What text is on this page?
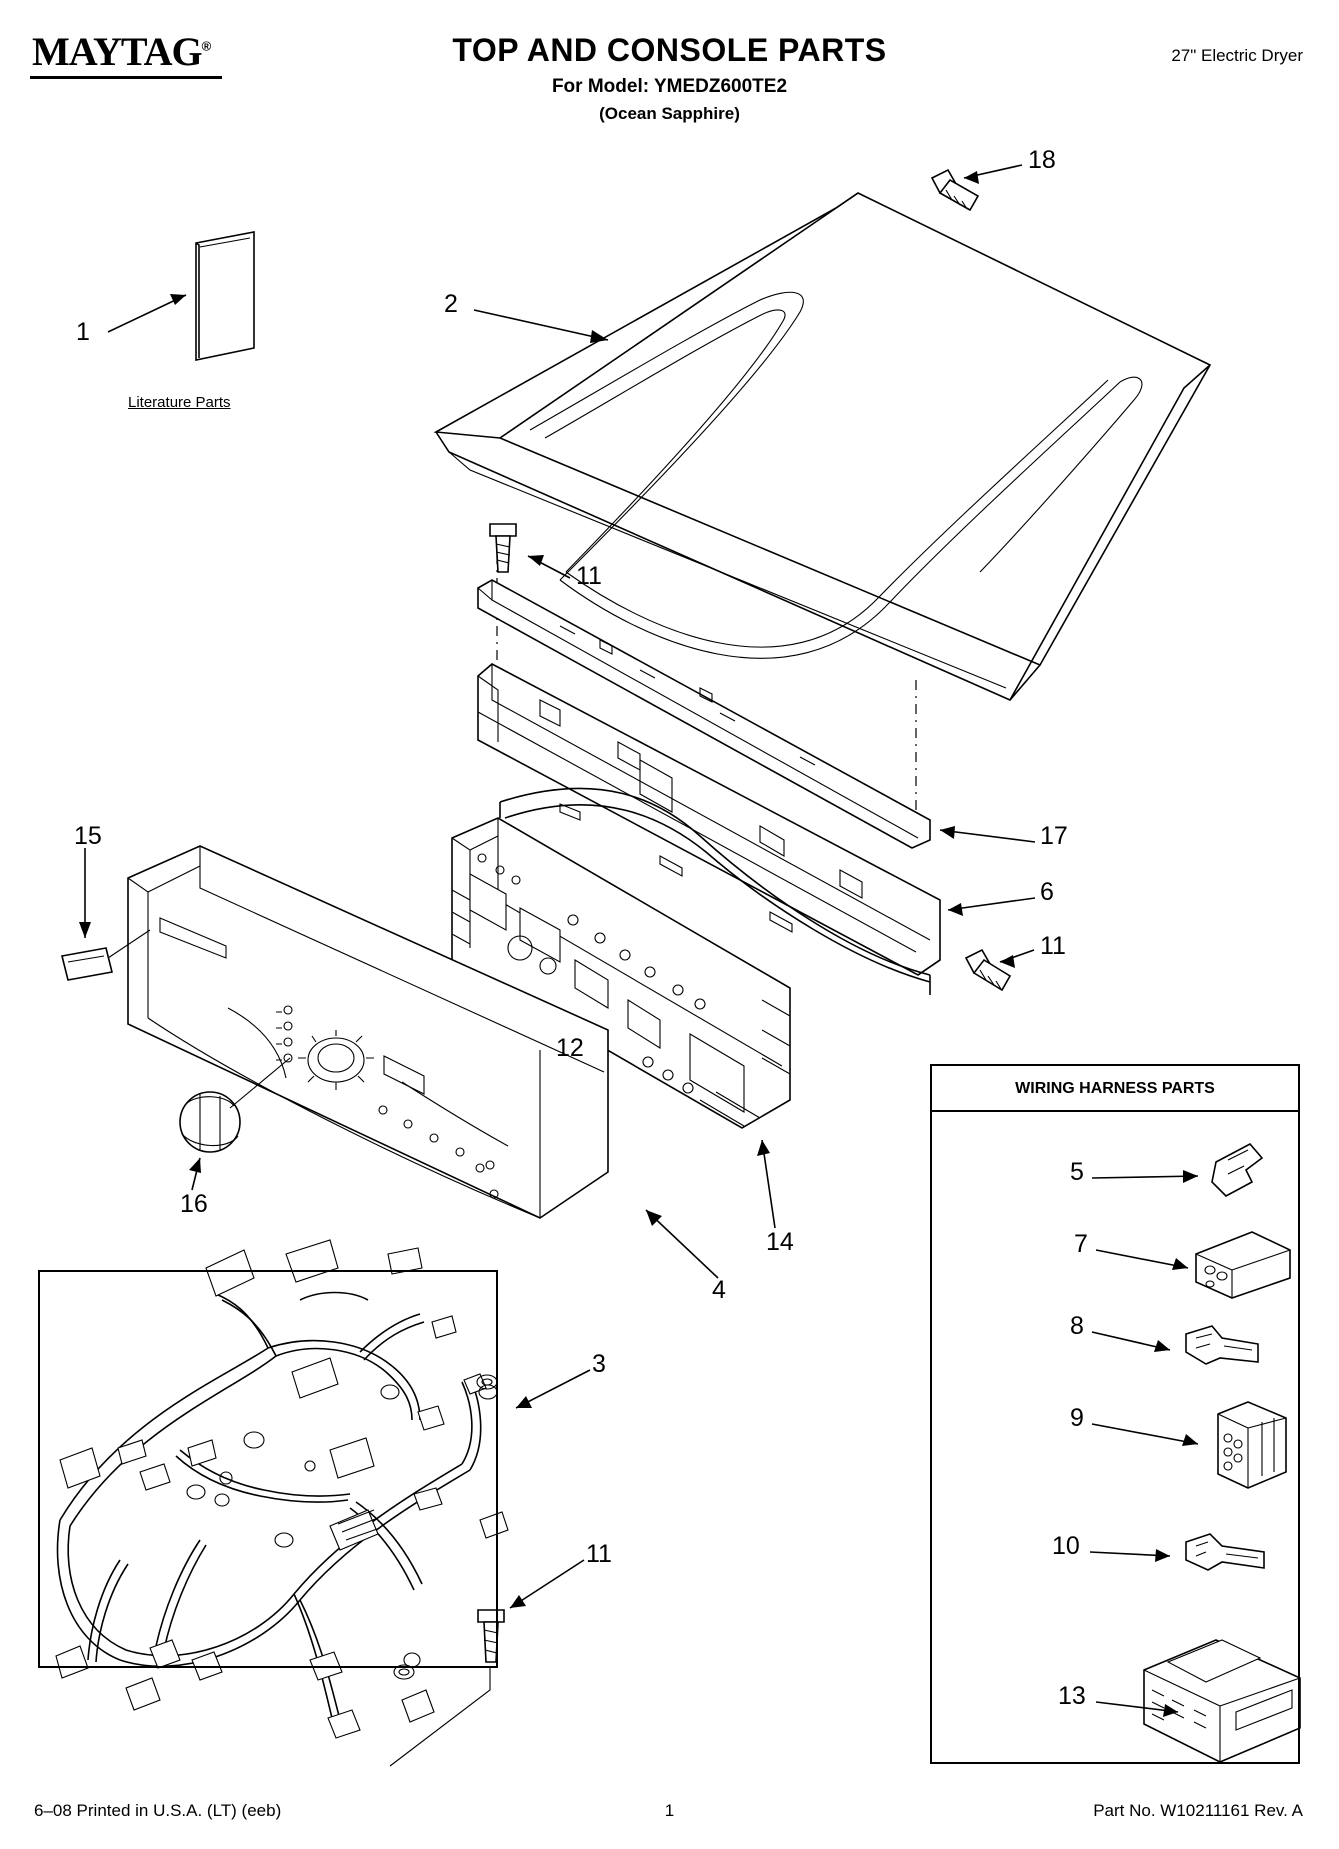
MAYTAG®	TOP AND CONSOLE PARTS
For Model: YMEDZ600TE2
(Ocean Sapphire)
27" Electric Dryer
Literature Parts
WIRING HARNESS PARTS
1
2
3
4
5
6
7
8
9
10
11
11
11
12
13
14
15
16
17
18
6–08 Printed in U.S.A. (LT) (eeb)	1	Part No. W10211161 Rev. A
